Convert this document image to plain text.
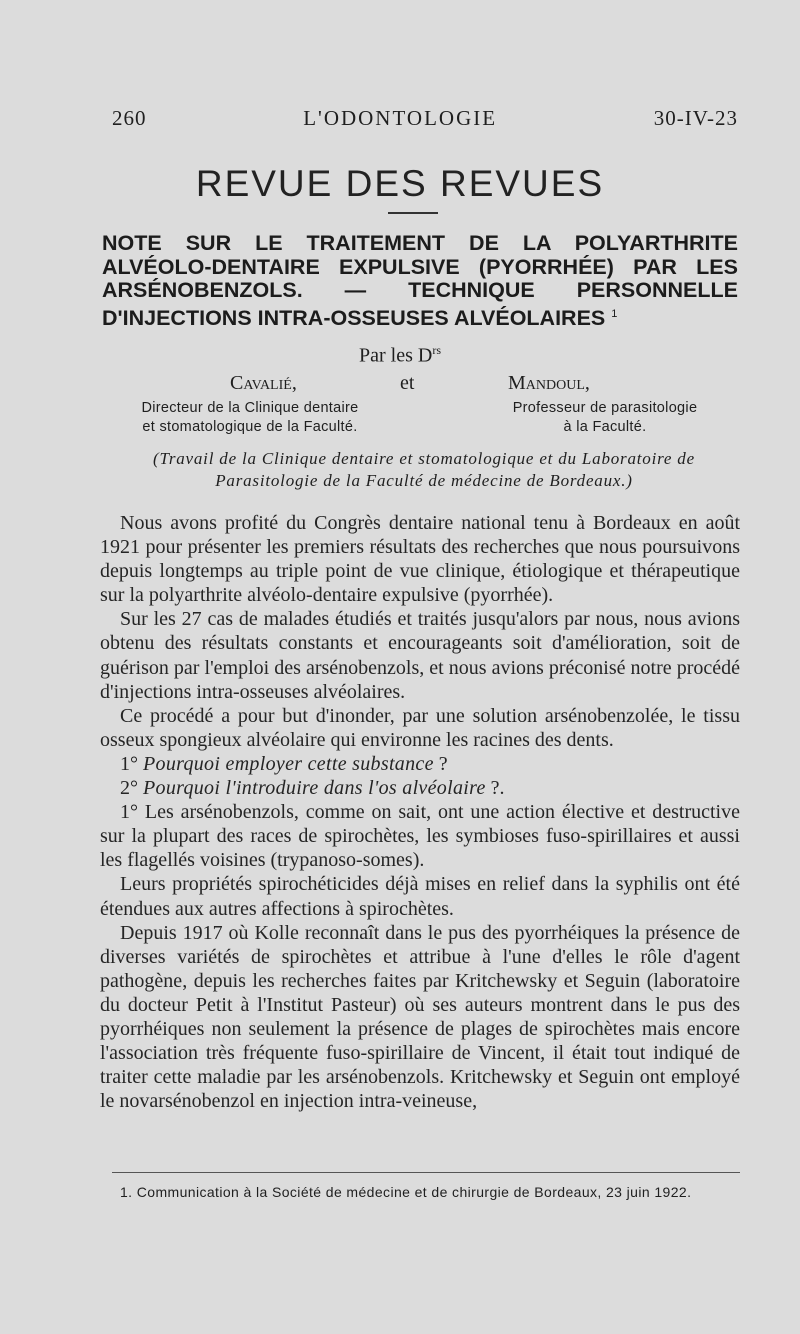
260	L'ODONTOLOGIE	30-IV-23
REVUE DES REVUES
NOTE SUR LE TRAITEMENT DE LA POLYARTHRITE ALVÉOLO-DENTAIRE EXPULSIVE (PYORRHÉE) PAR LES ARSÉNOBENZOLS. — TECHNIQUE PERSONNELLE D'INJECTIONS INTRA-OSSEUSES ALVÉOLAIRES $^1$
Par les $D^{rs}$
Cavalié,	et	Mandoul,
Directeur de la Clinique dentaire
et stomatologique de la Faculté.
Professeur de parasitologie
à la Faculté.
(Travail de la Clinique dentaire et stomatologique et du Laboratoire de Parasitologie de la Faculté de médecine de Bordeaux.)

Nous avons profité du Congrès dentaire national tenu à Bordeaux en août 1921 pour présenter les premiers résultats des recherches que nous poursuivons depuis longtemps au triple point de vue clinique, étiologique et thérapeutique sur la polyarthrite alvéolo-dentaire expulsive (pyorrhée).

Sur les 27 cas de malades étudiés et traités jusqu'alors par nous, nous avions obtenu des résultats constants et encourageants soit d'amélioration, soit de guérison par l'emploi des arsénobenzols, et nous avions préconisé notre procédé d'injections intra-osseuses alvéolaires.

Ce procédé a pour but d'inonder, par une solution arsénobenzolée, le tissu osseux spongieux alvéolaire qui environne les racines des dents.

1° Pourquoi employer cette substance ?

2° Pourquoi l'introduire dans l'os alvéolaire ?.

1° Les arsénobenzols, comme on sait, ont une action élective et destructive sur la plupart des races de spirochètes, les symbioses fuso-spirillaires et aussi les flagellés voisines (trypanoso-somes).

Leurs propriétés spirochéticides déjà mises en relief dans la syphilis ont été étendues aux autres affections à spirochètes.

Depuis 1917 où Kolle reconnaît dans le pus des pyorrhéiques la présence de diverses variétés de spirochètes et attribue à l'une d'elles le rôle d'agent pathogène, depuis les recherches faites par Kritchewsky et Seguin (laboratoire du docteur Petit à l'Institut Pasteur) où ses auteurs montrent dans le pus des pyorrhéiques non seulement la présence de plages de spirochètes mais encore l'association très fréquente fuso-spirillaire de Vincent, il était tout indiqué de traiter cette maladie par les arsénobenzols. Kritchewsky et Seguin ont employé le novarsénobenzol en injection intra-veineuse,

1. Communication à la Société de médecine et de chirurgie de Bordeaux, 23 juin 1922.
